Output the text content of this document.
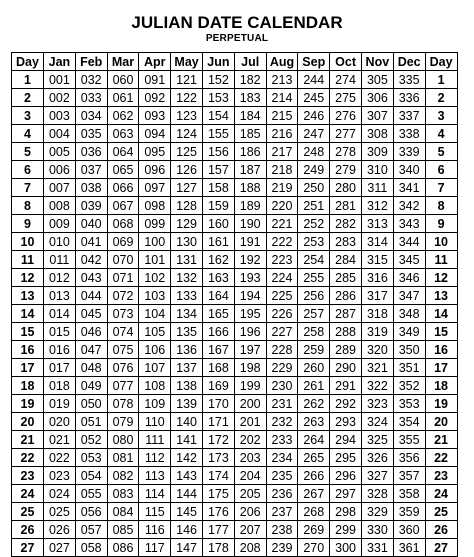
JULIAN DATE CALENDAR
PERPETUAL
Day	Jan	Feb	Mar	Apr	May	Jun	Jul	Aug	Sep	Oct	Nov	Dec	Day
1	001	032	060	091	121	152	182	213	244	274	305	335	1
2	002	033	061	092	122	153	183	214	245	275	306	336	2
3	003	034	062	093	123	154	184	215	246	276	307	337	3
4	004	035	063	094	124	155	185	216	247	277	308	338	4
5	005	036	064	095	125	156	186	217	248	278	309	339	5
6	006	037	065	096	126	157	187	218	249	279	310	340	6
7	007	038	066	097	127	158	188	219	250	280	311	341	7
8	008	039	067	098	128	159	189	220	251	281	312	342	8
9	009	040	068	099	129	160	190	221	252	282	313	343	9
10	010	041	069	100	130	161	191	222	253	283	314	344	10
11	011	042	070	101	131	162	192	223	254	284	315	345	11
12	012	043	071	102	132	163	193	224	255	285	316	346	12
13	013	044	072	103	133	164	194	225	256	286	317	347	13
14	014	045	073	104	134	165	195	226	257	287	318	348	14
15	015	046	074	105	135	166	196	227	258	288	319	349	15
16	016	047	075	106	136	167	197	228	259	289	320	350	16
17	017	048	076	107	137	168	198	229	260	290	321	351	17
18	018	049	077	108	138	169	199	230	261	291	322	352	18
19	019	050	078	109	139	170	200	231	262	292	323	353	19
20	020	051	079	110	140	171	201	232	263	293	324	354	20
21	021	052	080	111	141	172	202	233	264	294	325	355	21
22	022	053	081	112	142	173	203	234	265	295	326	356	22
23	023	054	082	113	143	174	204	235	266	296	327	357	23
24	024	055	083	114	144	175	205	236	267	297	328	358	24
25	025	056	084	115	145	176	206	237	268	298	329	359	25
26	026	057	085	116	146	177	207	238	269	299	330	360	26
27	027	058	086	117	147	178	208	239	270	300	331	361	27
